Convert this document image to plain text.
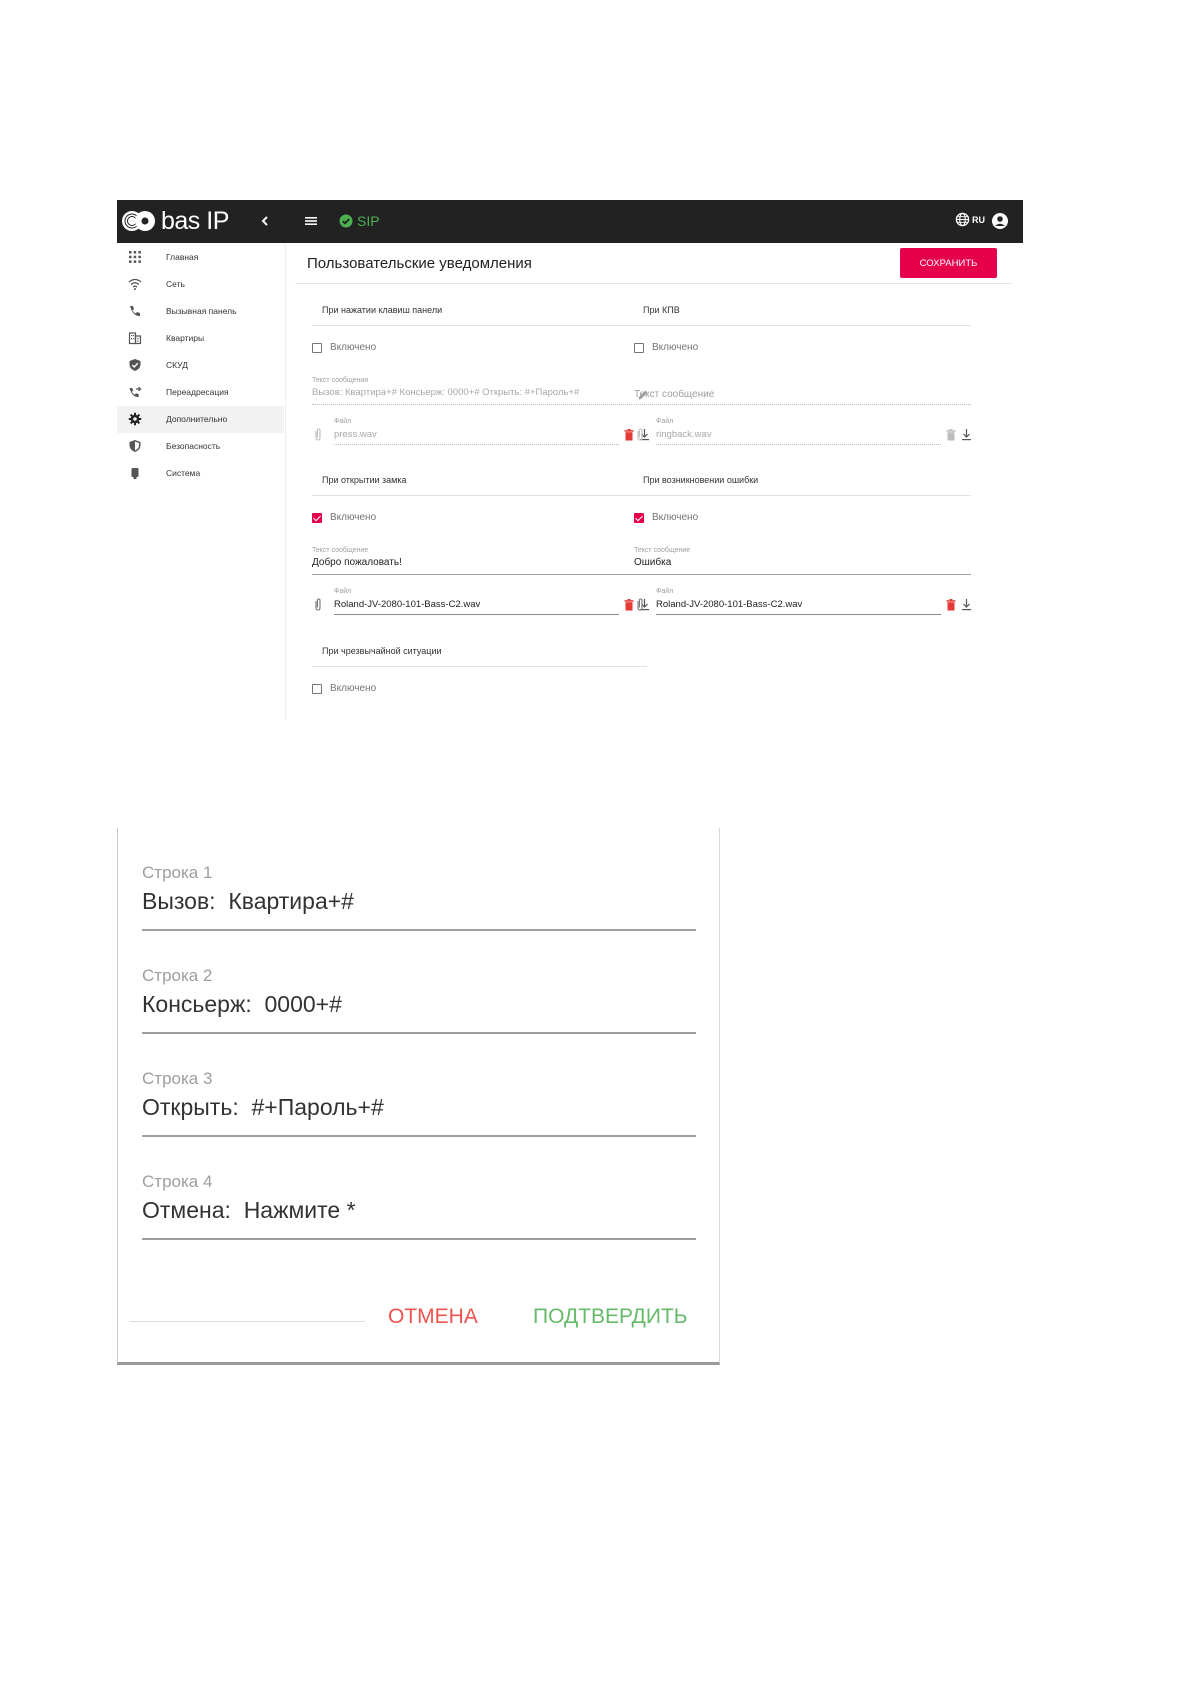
bas IP	SIP	RU
Главная
Сеть
Вызывная панель
Квартиры
СКУД
Переадресация
Дополнительно
Безопасность
Система
Пользовательские уведомления	СОХРАНИТЬ
При нажатии клавиш панели
Включено
Текст сообщения
Вызов: Квартира+# Консьерж: 0000+# Открыть: #+Пароль+#
Файл
press.wav
При КПВ
Включено
Текст сообщение
Файл
ringback.wav
При открытии замка
Включено
Текст сообщение
Добро пожаловать!
Файл
Roland-JV-2080-101-Bass-C2.wav
При возникновении ошибки
Включено
Текст сообщение
Ошибка
Файл
Roland-JV-2080-101-Bass-C2.wav
При чрезвычайной ситуации
Включено
Строка 1
Вызов:  Квартира+#
Строка 2
Консьерж:  0000+#
Строка 3
Открыть:  #+Пароль+#
Строка 4
Отмена:  Нажмите *
ОТМЕНА	ПОДТВЕРДИТЬ
